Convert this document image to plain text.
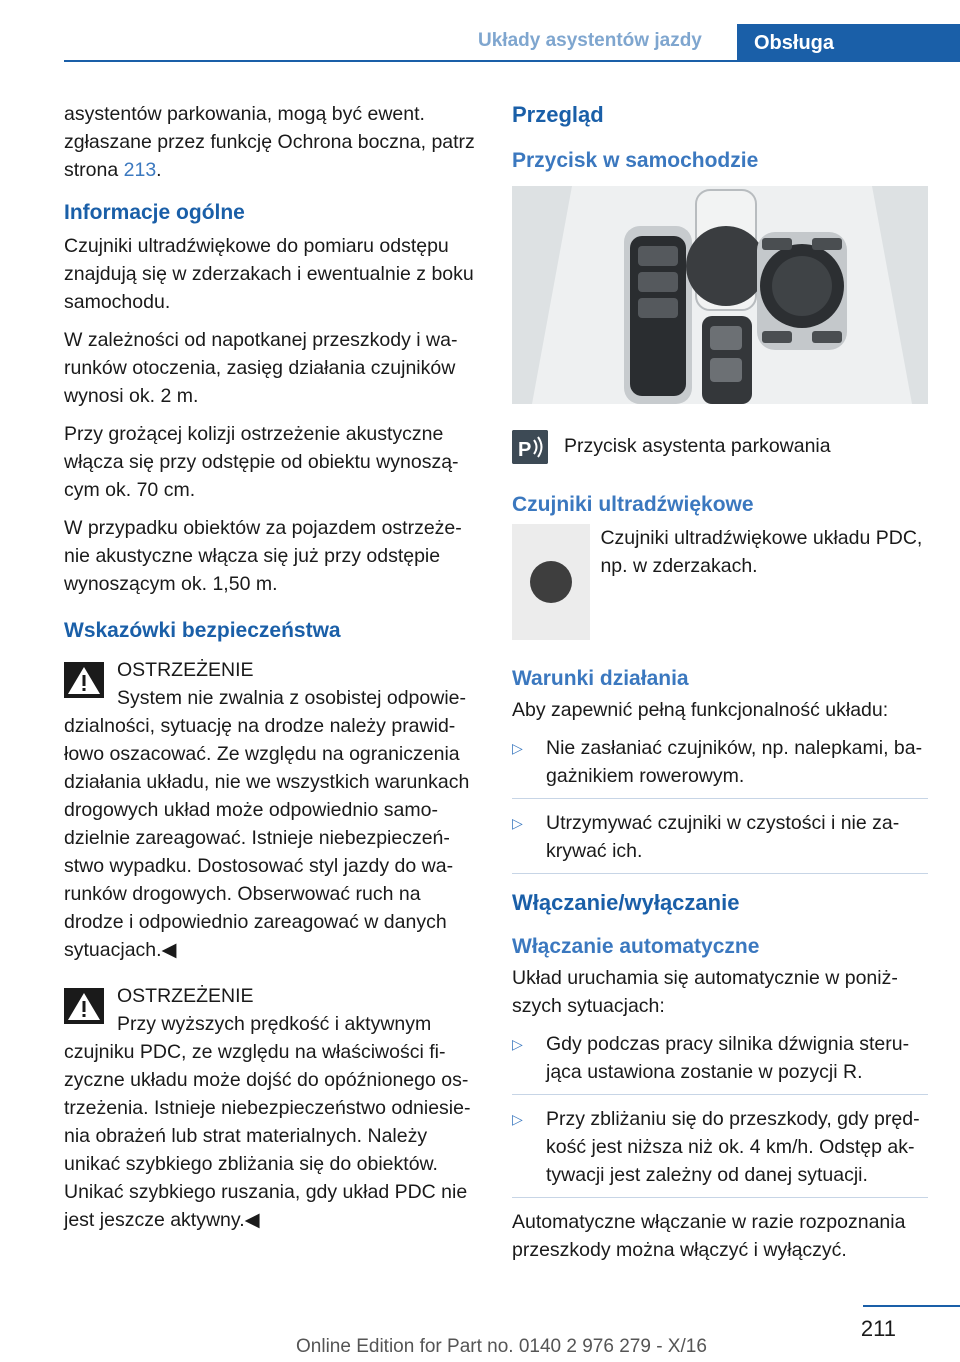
Układy asystentów jazdy	Obsługa

asystentów parkowania, mogą być ewent. zgłaszane przez funkcję Ochrona boczna, patrz strona 213.

Informacje ogólne

Czujniki ultradźwiękowe do pomiaru odstępu znajdują się w zderzakach i ewentualnie z boku samochodu.

W zależności od napotkanej przeszkody i wa-runków otoczenia, zasięg działania czujników wynosi ok. 2 m.

Przy grożącej kolizji ostrzeżenie akustyczne włącza się przy odstępie od obiektu wynoszą-cym ok. 70 cm.

W przypadku obiektów za pojazdem ostrzeże-nie akustyczne włącza się już przy odstępie wynoszącym ok. 1,50 m.

Wskazówki bezpieczeństwa
OSTRZEŻENIE
System nie zwalnia z osobistej odpowie-

dzialności, sytuację na drodze należy prawid-łowo oszacować. Ze względu na ograniczenia działania układu, nie we wszystkich warunkach drogowych układ może odpowiednio samo-dzielnie zareagować. Istnieje niebezpieczeń-stwo wypadku. Dostosować styl jazdy do wa-runków drogowych. Obserwować ruch na drodze i odpowiednio zareagować w danych sytuacjach.◀

OSTRZEŻENIE
Przy wyższych prędkość i aktywnym

czujniku PDC, ze względu na właściwości fi-zyczne układu może dojść do opóźnionego os-trzeżenia. Istnieje niebezpieczeństwo odniesie-nia obrażeń lub strat materialnych. Należy unikać szybkiego zbliżania się do obiektów. Unikać szybkiego ruszania, gdy układ PDC nie jest jeszcze aktywny.◀

Przegląd
Przycisk w samochodzie
P Przycisk asystenta parkowania
Czujniki ultradźwiękowe
Czujniki ultradźwiękowe układu PDC, np. w zderzakach.
Warunki działania

Aby zapewnić pełną funkcjonalność układu:

▷ Nie zasłaniać czujników, np. nalepkami, ba-gażnikiem rowerowym.
▷ Utrzymywać czujniki w czystości i nie za-krywać ich.
Włączanie/wyłączanie
Włączanie automatyczne

Układ uruchamia się automatycznie w poniż-szych sytuacjach:

▷ Gdy podczas pracy silnika dźwignia steru-jąca ustawiona zostanie w pozycji R.
▷ Przy zbliżaniu się do przeszkody, gdy pręd-kość jest niższa niż ok. 4 km/h. Odstęp ak-tywacji jest zależny od danej sytuacji.

Automatyczne włączanie w razie rozpoznania przeszkody można włączyć i wyłączyć.

211
Online Edition for Part no. 0140 2 976 279 - X/16
